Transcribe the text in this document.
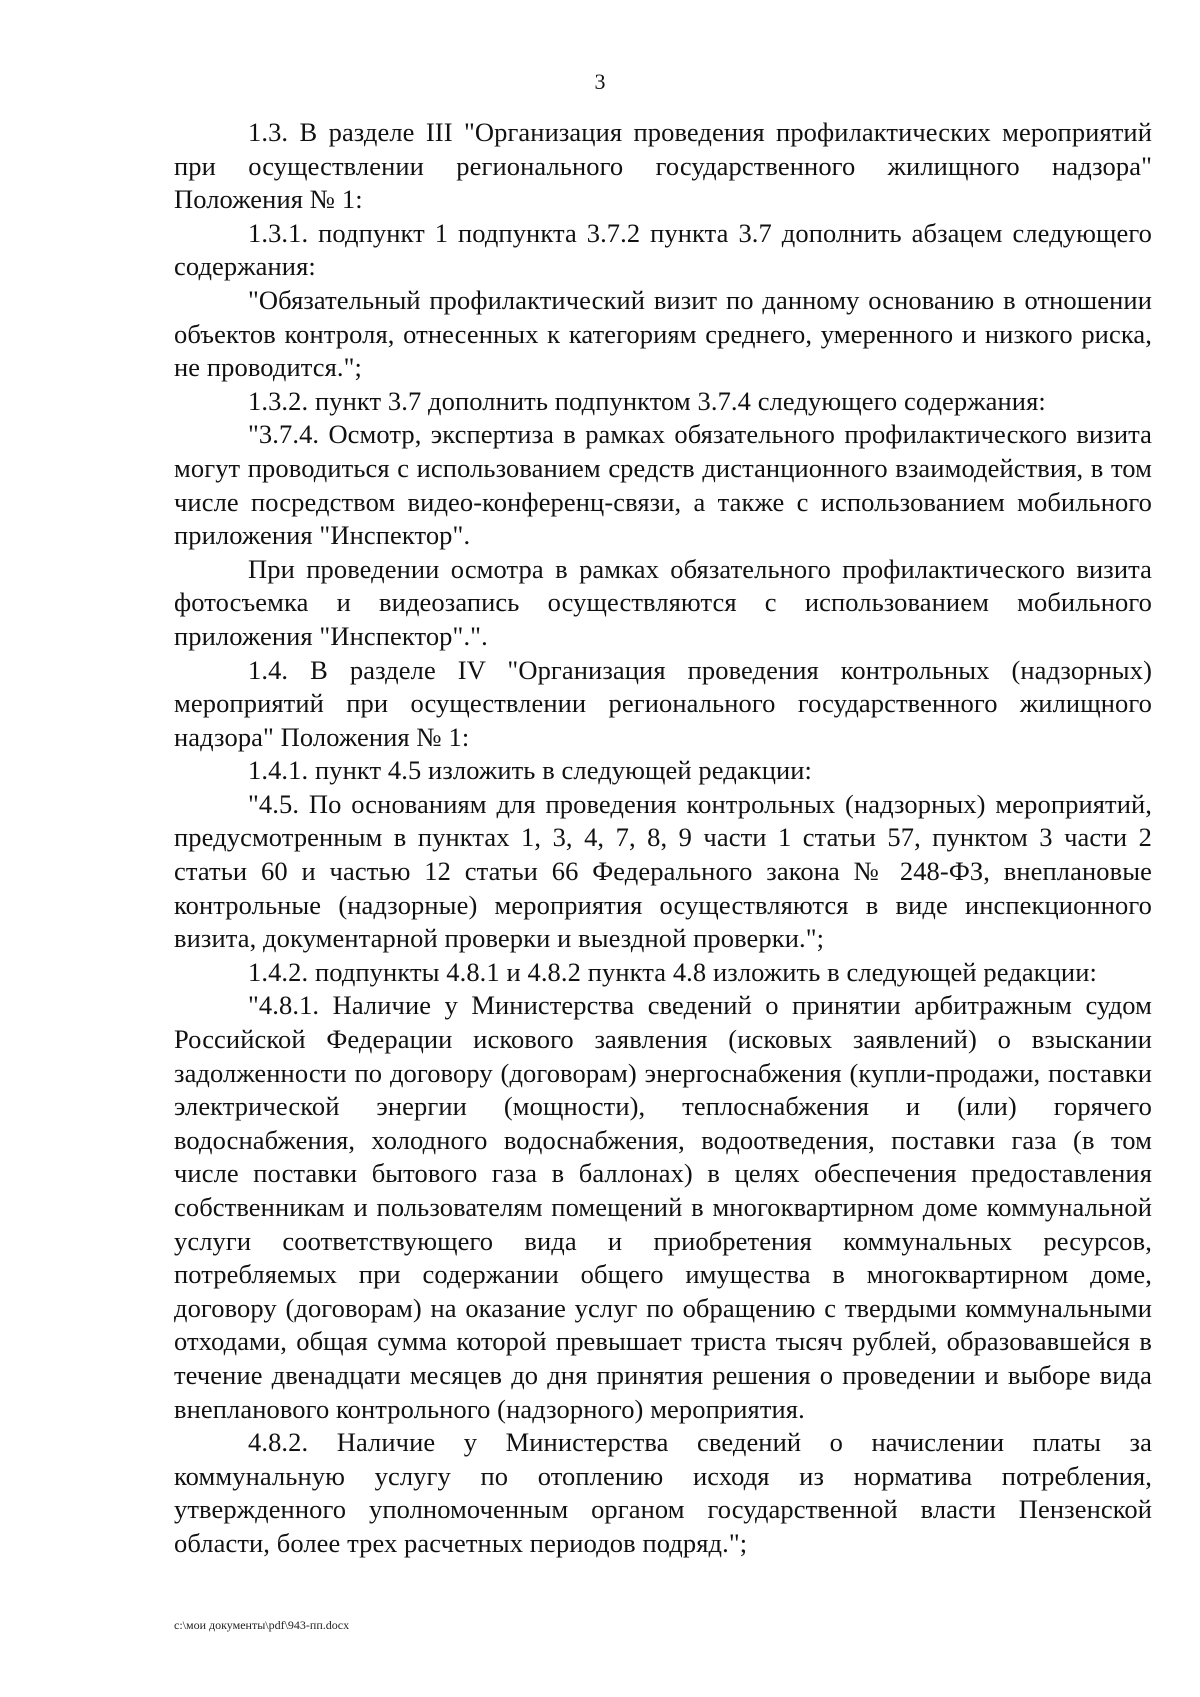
3

1.3. В разделе III "Организация проведения профилактических мероприятий при осуществлении регионального государственного жилищного надзора" Положения № 1:

1.3.1. подпункт 1 подпункта 3.7.2 пункта 3.7 дополнить абзацем следующего содержания:

"Обязательный профилактический визит по данному основанию в отношении объектов контроля, отнесенных к категориям среднего, умеренного и низкого риска, не проводится.";

1.3.2. пункт 3.7 дополнить подпунктом 3.7.4 следующего содержания:

"3.7.4. Осмотр, экспертиза в рамках обязательного профилактического визита могут проводиться с использованием средств дистанционного взаимодействия, в том числе посредством видео-конференц-связи, а также с использованием мобильного приложения "Инспектор".

При проведении осмотра в рамках обязательного профилактического визита фотосъемка и видеозапись осуществляются с использованием мобильного приложения "Инспектор".".

1.4. В разделе IV "Организация проведения контрольных (надзорных) мероприятий при осуществлении регионального государственного жилищного надзора" Положения № 1:

1.4.1. пункт 4.5 изложить в следующей редакции:

"4.5. По основаниям для проведения контрольных (надзорных) мероприятий, предусмотренным в пунктах 1, 3, 4, 7, 8, 9 части 1 статьи 57, пунктом 3 части 2 статьи 60 и частью 12 статьи 66 Федерального закона № 248-ФЗ, внеплановые контрольные (надзорные) мероприятия осуществляются в виде инспекционного визита, документарной проверки и выездной проверки.";

1.4.2. подпункты 4.8.1 и 4.8.2 пункта 4.8 изложить в следующей редакции:

"4.8.1. Наличие у Министерства сведений о принятии арбитражным судом Российской Федерации искового заявления (исковых заявлений) о взыскании задолженности по договору (договорам) энергоснабжения (купли-продажи, поставки электрической энергии (мощности), теплоснабжения и (или) горячего водоснабжения, холодного водоснабжения, водоотведения, поставки газа (в том числе поставки бытового газа в баллонах) в целях обеспечения предоставления собственникам и пользователям помещений в многоквартирном доме коммунальной услуги соответствующего вида и приобретения коммунальных ресурсов, потребляемых при содержании общего имущества в многоквартирном доме, договору (договорам) на оказание услуг по обращению с твердыми коммунальными отходами, общая сумма которой превышает триста тысяч рублей, образовавшейся в течение двенадцати месяцев до дня принятия решения о проведении и выборе вида внепланового контрольного (надзорного) мероприятия.

4.8.2. Наличие у Министерства сведений о начислении платы за коммунальную услугу по отоплению исходя из норматива потребления, утвержденного уполномоченным органом государственной власти Пензенской области, более трех расчетных периодов подряд.";

c:\мои документы\pdf\943-пп.docx
